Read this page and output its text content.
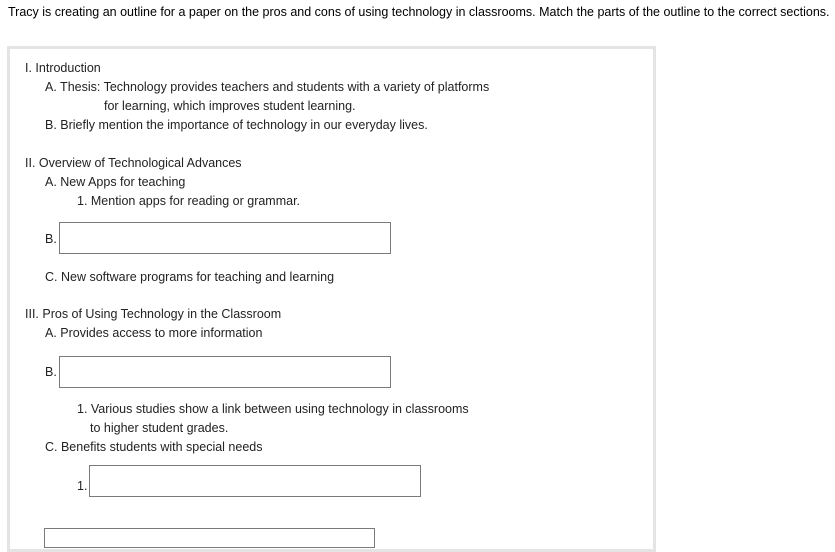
Tracy is creating an outline for a paper on the pros and cons of using technology in classrooms. Match the parts of the outline to the correct sections.
I. Introduction
A. Thesis: Technology provides teachers and students with a variety of platforms
for learning, which improves student learning.
B. Briefly mention the importance of technology in our everyday lives.
II. Overview of Technological Advances
A. New Apps for teaching
1. Mention apps for reading or grammar.
B.
C. New software programs for teaching and learning
III. Pros of Using Technology in the Classroom
A. Provides access to more information
B.
1. Various studies show a link between using technology in classrooms
to higher student grades.
C. Benefits students with special needs
1.
